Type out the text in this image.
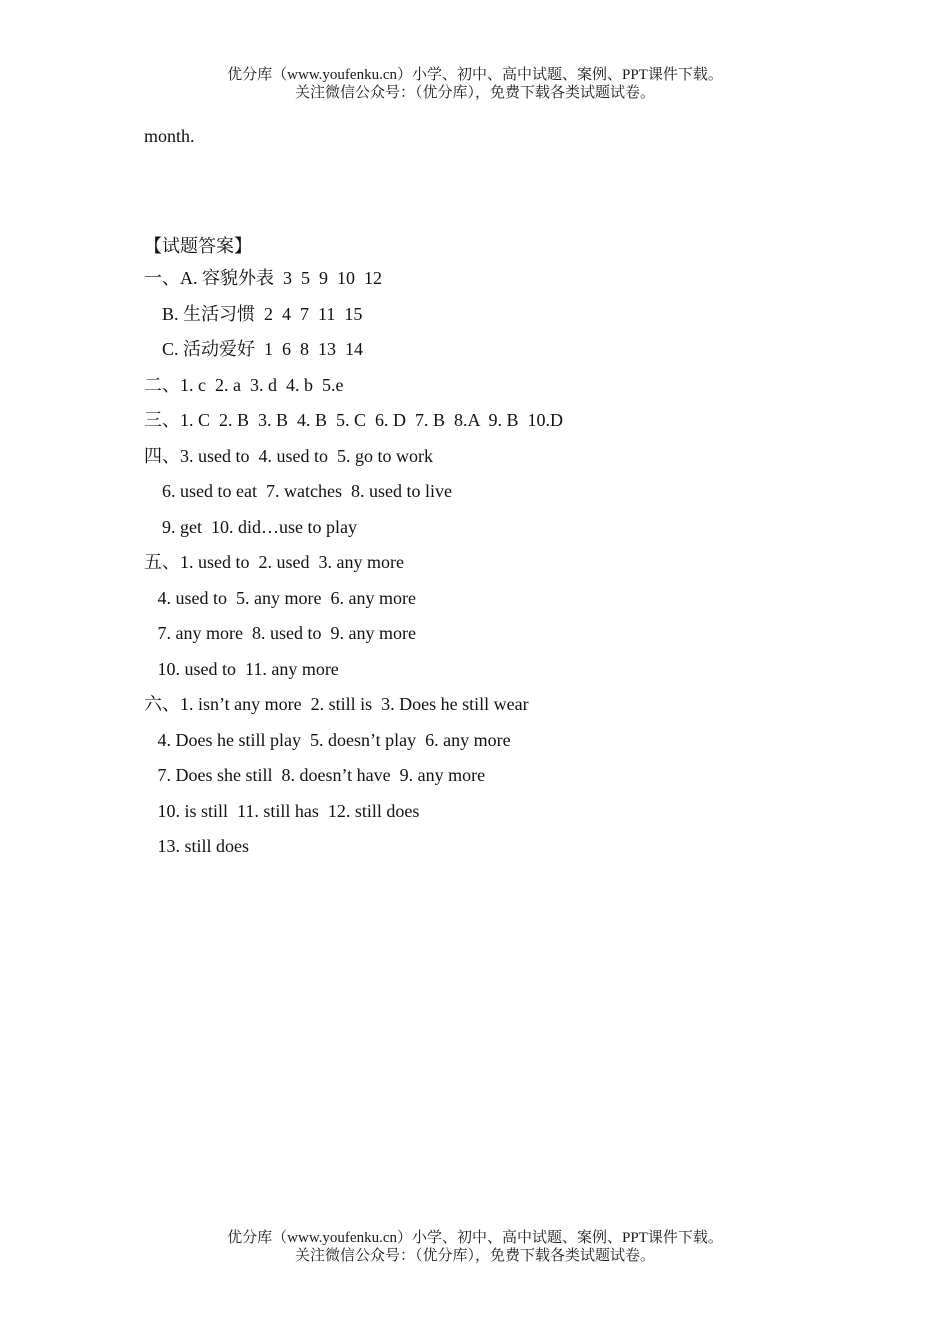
优分库（www.youfenku.cn）小学、初中、高中试题、案例、PPT课件下载。
关注微信公众号：（优分库），免费下载各类试题试卷。
month.
【试题答案】
一、A. 容貌外表  3  5  9  10  12
B. 生活习惯  2  4  7  11  15
C. 活动爱好  1  6  8  13  14
二、1. c  2. a  3. d  4. b  5.e
三、1. C  2. B  3. B  4. B  5. C  6. D  7. B  8.A  9. B  10.D
四、3. used to  4. used to  5. go to work
6. used to eat  7. watches  8. used to live
9. get  10. did…use to play
五、1. used to  2. used  3. any more
4. used to  5. any more  6. any more
7. any more  8. used to  9. any more
10. used to  11. any more
六、1. isn’t any more  2. still is  3. Does he still wear
4. Does he still play  5. doesn’t play  6. any more
7. Does she still  8. doesn’t have  9. any more
10. is still  11. still has  12. still does
13. still does
优分库（www.youfenku.cn）小学、初中、高中试题、案例、PPT课件下载。
关注微信公众号：（优分库），免费下载各类试题试卷。
